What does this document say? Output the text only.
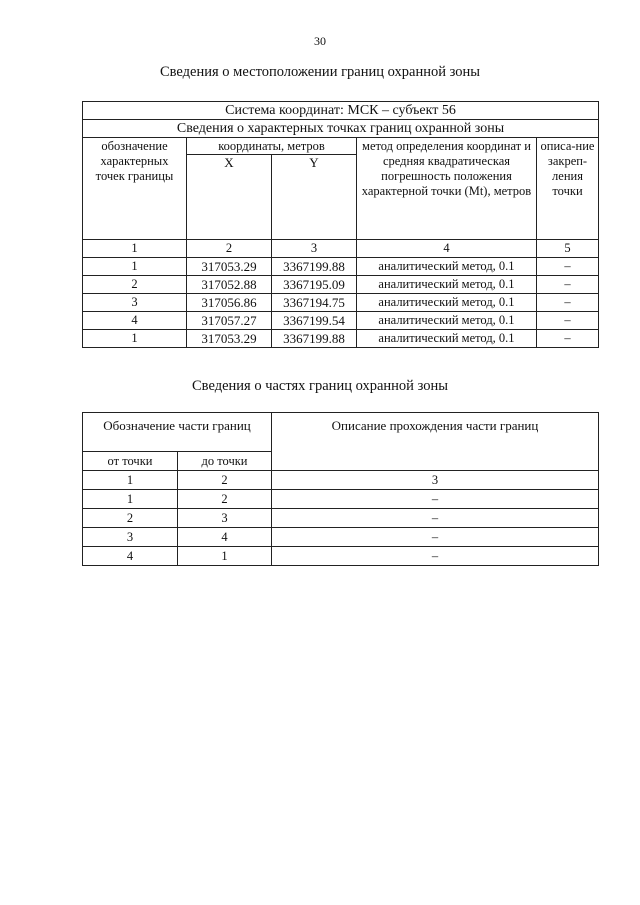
30
Сведения о местоположении границ охранной зоны
Система координат: МСК – субъект 56				
Сведения о характерных точках границ охранной зоны				
обозначение характерных точек границы	координаты, метров		метод определения координат и средняя квадратическая погрешность положения характерной точки (Mt), метров	описа-ние закреп-ления точки
	X	Y		
1	2	3	4	5
1	317053.29	3367199.88	аналитический метод, 0.1	–
2	317052.88	3367195.09	аналитический метод, 0.1	–
3	317056.86	3367194.75	аналитический метод, 0.1	–
4	317057.27	3367199.54	аналитический метод, 0.1	–
1	317053.29	3367199.88	аналитический метод, 0.1	–
Сведения о частях границ охранной зоны
Обозначение части границ		Описание прохождения части границ
от точки	до точки	
1	2	3
1	2	–
2	3	–
3	4	–
4	1	–
